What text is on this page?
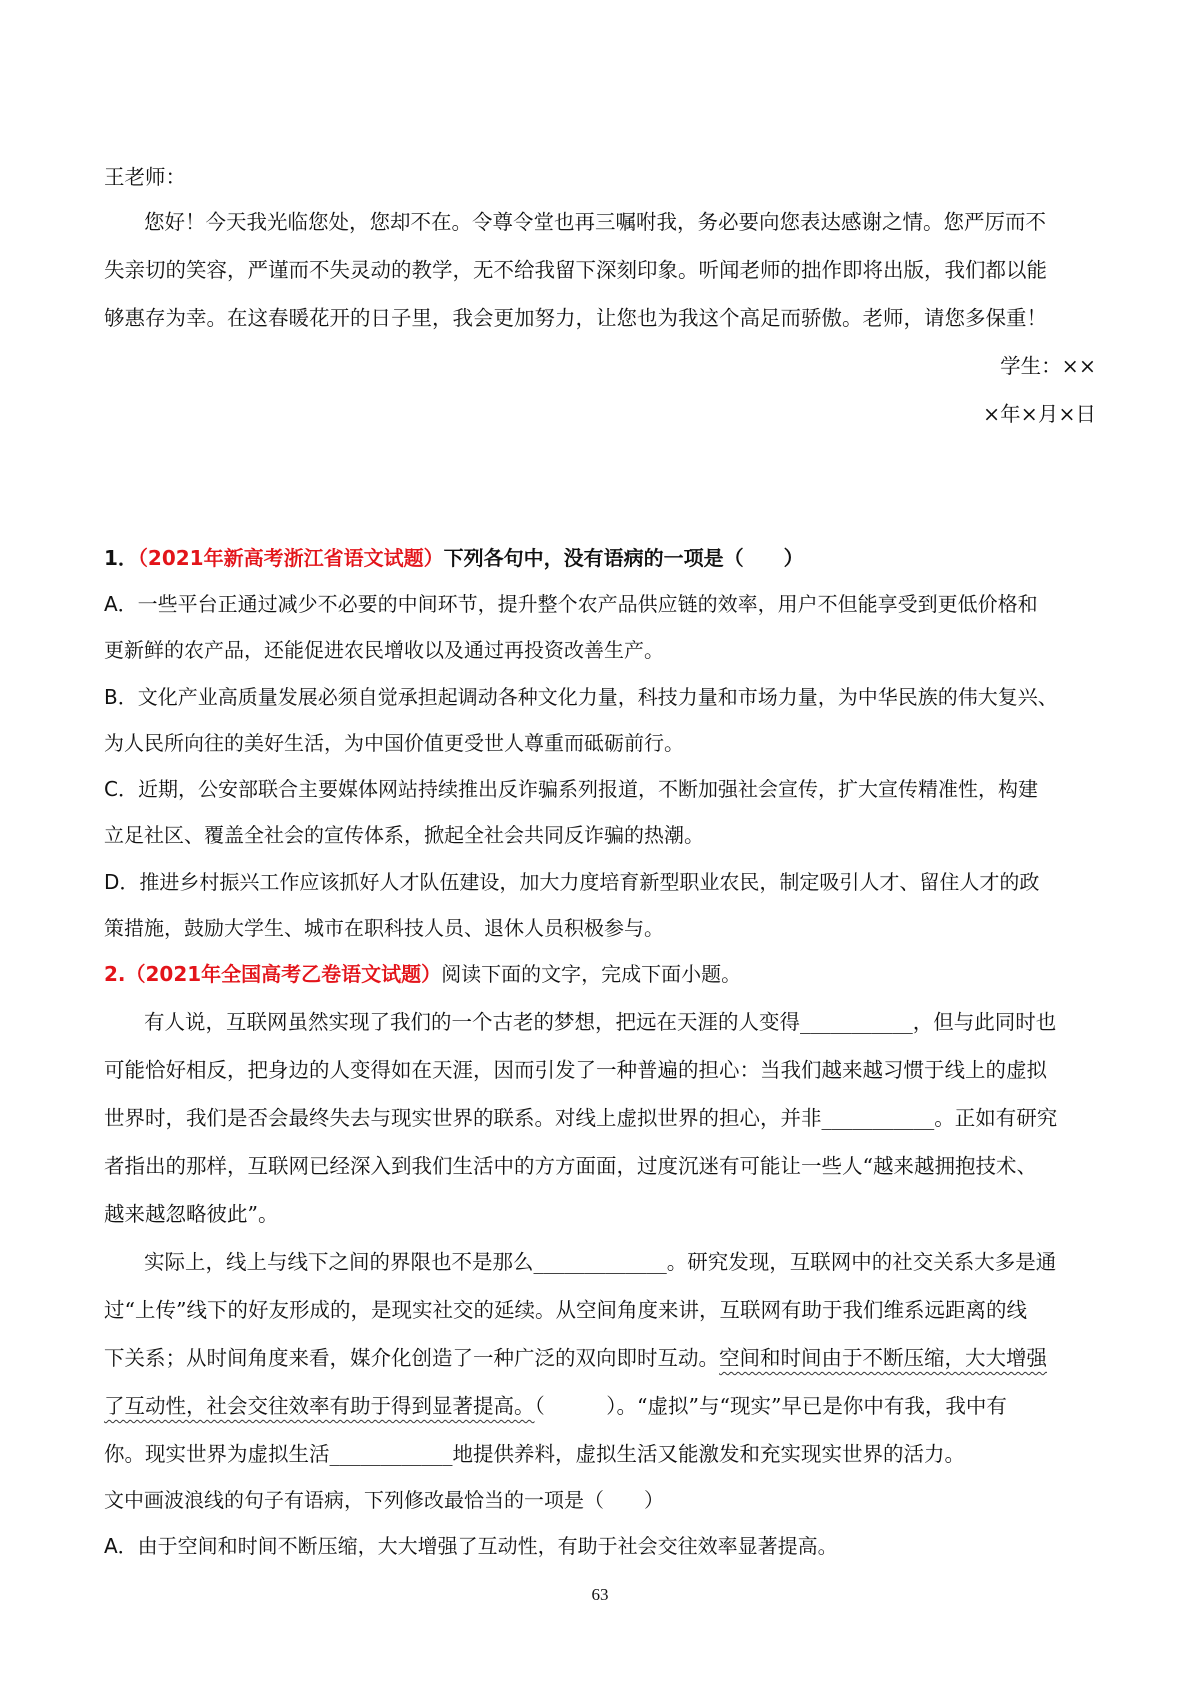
王老师：
您好！今天我光临您处，您却不在。令尊令堂也再三嘱咐我，务必要向您表达感谢之情。您严厉而不
失亲切的笑容，严谨而不失灵动的教学，无不给我留下深刻印象。听闻老师的拙作即将出版，我们都以能
够惠存为幸。在这春暖花开的日子里，我会更加努力，让您也为我这个高足而骄傲。老师，请您多保重！
学生：××
×年×月×日
1．（2021年新高考浙江省语文试题）下列各句中，没有语病的一项是（　　）
A．一些平台正通过减少不必要的中间环节，提升整个农产品供应链的效率，用户不但能享受到更低价格和
更新鲜的农产品，还能促进农民增收以及通过再投资改善生产。
B．文化产业高质量发展必须自觉承担起调动各种文化力量，科技力量和市场力量，为中华民族的伟大复兴、
为人民所向往的美好生活，为中国价值更受世人尊重而砥砺前行。
C．近期，公安部联合主要媒体网站持续推出反诈骗系列报道，不断加强社会宣传，扩大宣传精准性，构建
立足社区、覆盖全社会的宣传体系，掀起全社会共同反诈骗的热潮。
D．推进乡村振兴工作应该抓好人才队伍建设，加大力度培育新型职业农民，制定吸引人才、留住人才的政
策措施，鼓励大学生、城市在职科技人员、退休人员积极参与。
2.（2021年全国高考乙卷语文试题）阅读下面的文字，完成下面小题。
有人说，互联网虽然实现了我们的一个古老的梦想，把远在天涯的人变得___________，但与此同时也
可能恰好相反，把身边的人变得如在天涯，因而引发了一种普遍的担心：当我们越来越习惯于线上的虚拟
世界时，我们是否会最终失去与现实世界的联系。对线上虚拟世界的担心，并非___________。正如有研究
者指出的那样，互联网已经深入到我们生活中的方方面面，过度沉迷有可能让一些人“越来越拥抱技术、
越来越忽略彼此”。
实际上，线上与线下之间的界限也不是那么_____________。研究发现，互联网中的社交关系大多是通
过“上传”线下的好友形成的，是现实社交的延续。从空间角度来讲，互联网有助于我们维系远距离的线
下关系；从时间角度来看，媒介化创造了一种广泛的双向即时互动。空间和时间由于不断压缩，大大增强
了互动性，社会交往效率有助于得到显著提高。（　　　）。“虚拟”与“现实”早已是你中有我，我中有
你。现实世界为虚拟生活____________地提供养料，虚拟生活又能激发和充实现实世界的活力。
文中画波浪线的句子有语病，下列修改最恰当的一项是（　　）
A．由于空间和时间不断压缩，大大增强了互动性，有助于社会交往效率显著提高。
63
